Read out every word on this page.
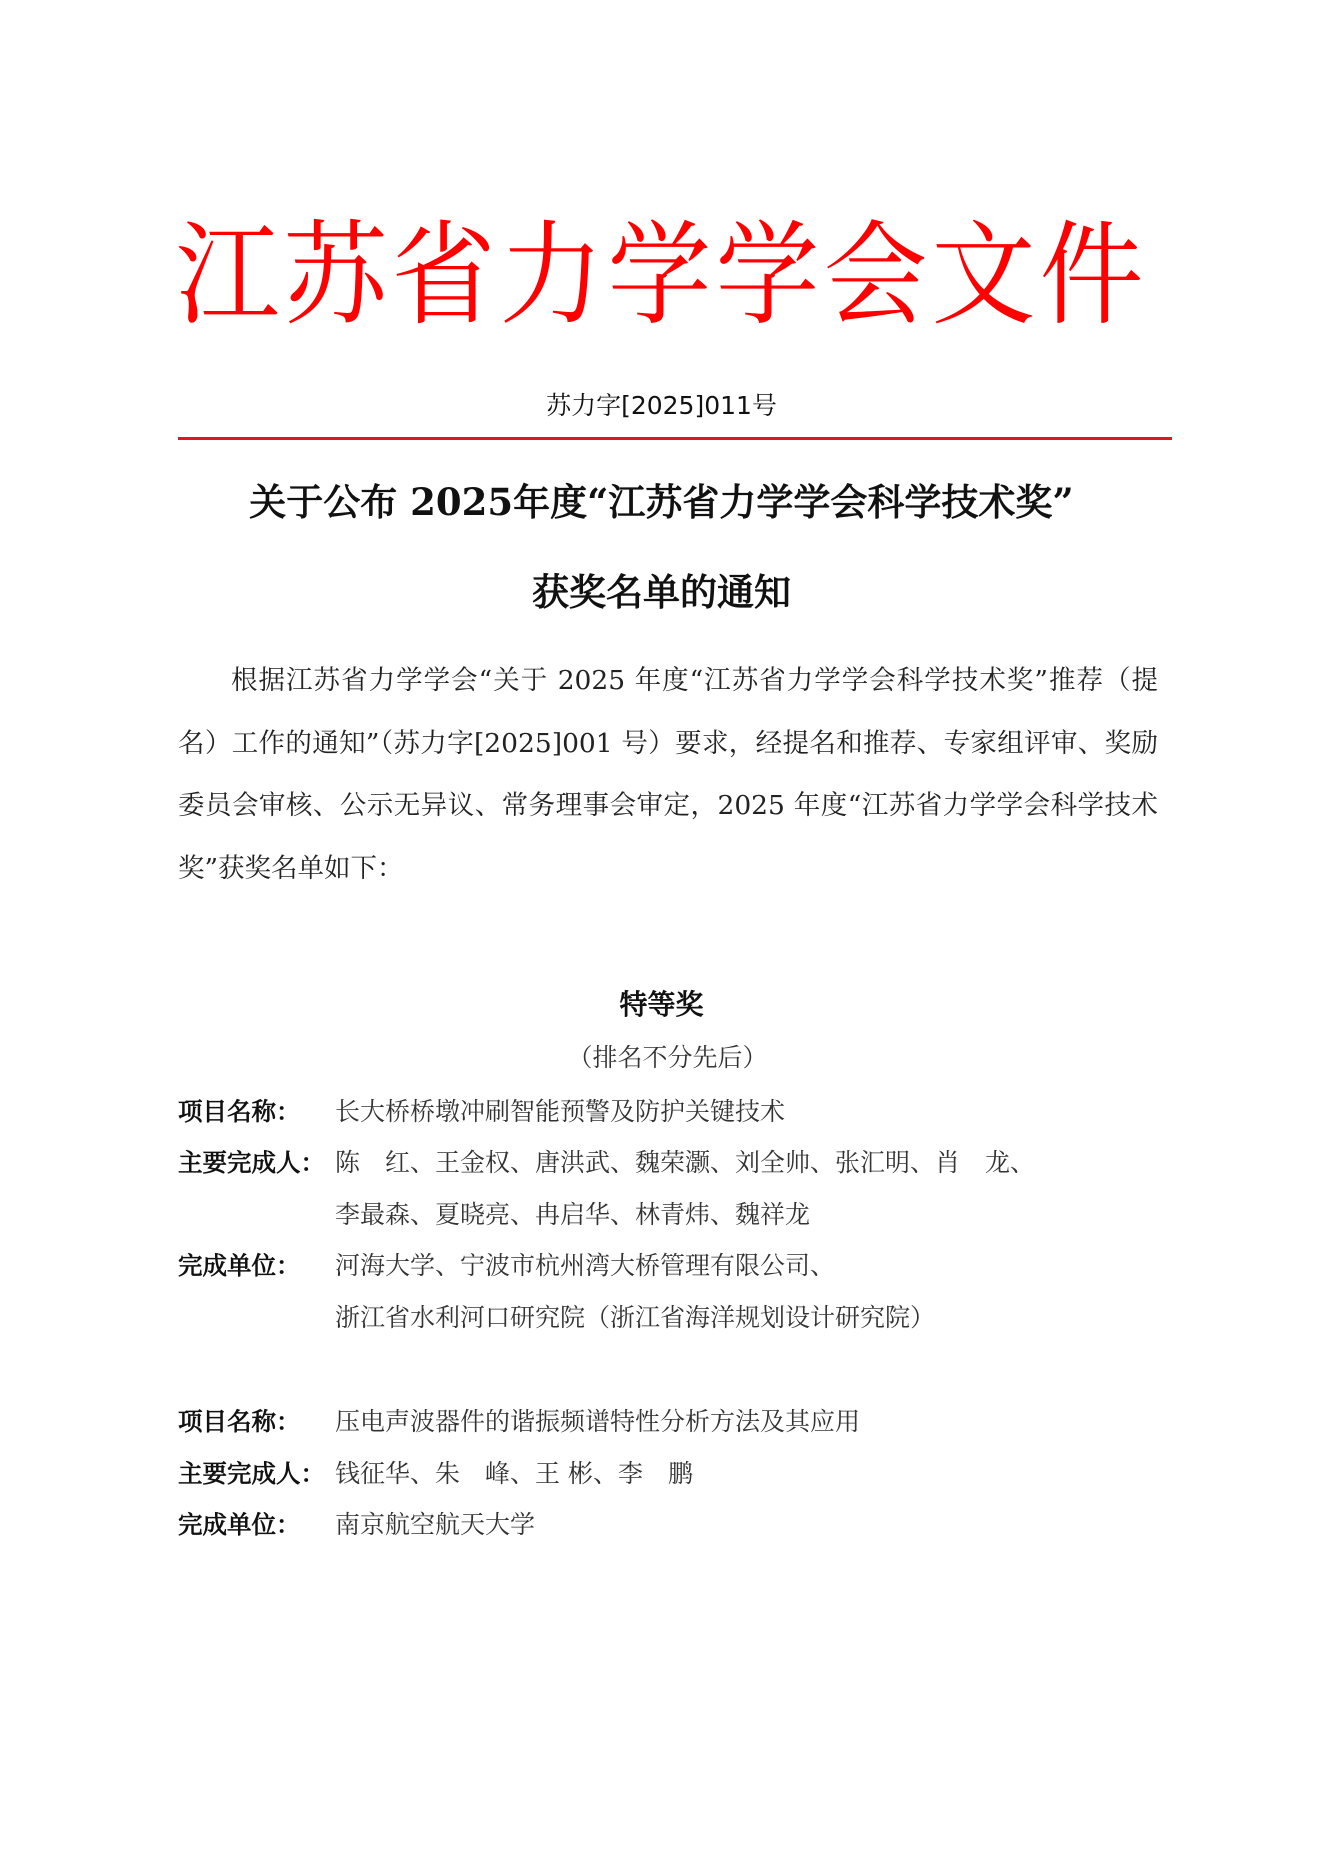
江苏省力学学会文件
苏力字[2025]011号
关于公布 2025年度“江苏省力学学会科学技术奖”
获奖名单的通知
根据江苏省力学学会“关于 2025 年度“江苏省力学学会科学技术奖”推荐（提名）工作的通知”（苏力字[2025]001 号）要求，经提名和推荐、专家组评审、奖励委员会审核、公示无异议、常务理事会审定，2025 年度“江苏省力学学会科学技术奖”获奖名单如下：
特等奖
（排名不分先后）
项目名称： 长大桥桥墩冲刷智能预警及防护关键技术
主要完成人： 陈　红、王金权、唐洪武、魏荣灏、刘全帅、张汇明、肖　龙、
李最森、夏晓亮、冉启华、林青炜、魏祥龙
完成单位： 河海大学、宁波市杭州湾大桥管理有限公司、
浙江省水利河口研究院（浙江省海洋规划设计研究院）
项目名称： 压电声波器件的谐振频谱特性分析方法及其应用
主要完成人： 钱征华、朱　峰、王 彬、李　鹏
完成单位： 南京航空航天大学
